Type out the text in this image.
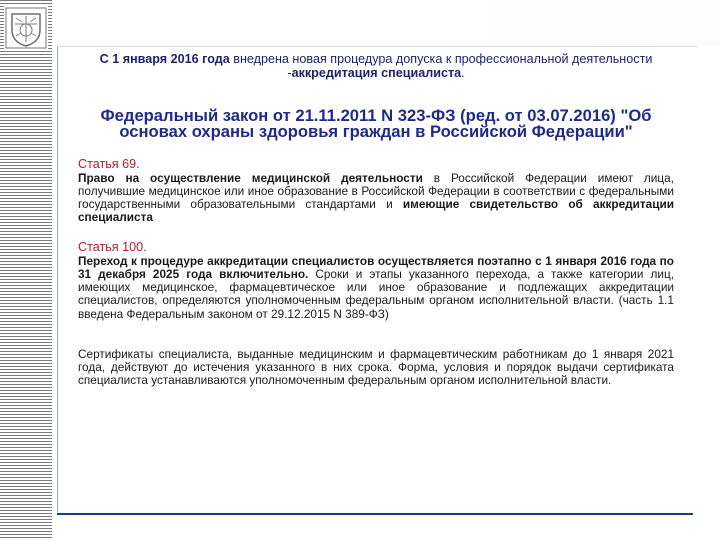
С 1 января 2016 года внедрена новая процедура допуска к профессиональной деятельности -аккредитация специалиста.

Федеральный закон от 21.11.2011 N 323-ФЗ (ред. от 03.07.2016) "Об основах охраны здоровья граждан в Российской Федерации"

Статья 69.

Право на осуществление медицинской деятельности в Российской Федерации имеют лица, получившие медицинское или иное образование в Российской Федерации в соответствии с федеральными государственными образовательными стандартами и имеющие свидетельство об аккредитации специалиста

Статья 100.

Переход к процедуре аккредитации специалистов осуществляется поэтапно с 1 января 2016 года по 31 декабря 2025 года включительно. Сроки и этапы указанного перехода, а также категории лиц, имеющих медицинское, фармацевтическое или иное образование и подлежащих аккредитации специалистов, определяются уполномоченным федеральным органом исполнительной власти. (часть 1.1 введена Федеральным законом от 29.12.2015 N 389-ФЗ)

Сертификаты специалиста, выданные медицинским и фармацевтическим работникам до 1 января 2021 года, действуют до истечения указанного в них срока. Форма, условия и порядок выдачи сертификата специалиста устанавливаются уполномоченным федеральным органом исполнительной власти.
